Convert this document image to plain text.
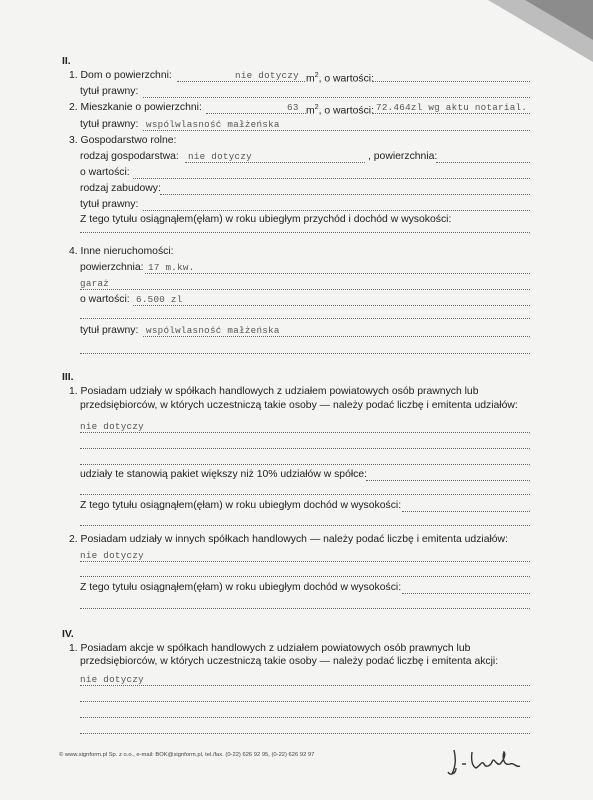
II.
1. Dom o powierzchni:	nie dotyczy $m^2$, o wartości:
tytuł prawny:
2. Mieszkanie o powierzchni:	63 $m^2$, o wartości: 72.464zl wg aktu notarial.
tytuł prawny: wspólwlasność małżeńska
3. Gospodarstwo rolne:
rodzaj gospodarstwa: nie dotyczy	, powierzchnia:
o wartości:
rodzaj zabudowy:
tytuł prawny:
Z tego tytułu osiągnąłem(ęłam) w roku ubiegłym przychód i dochód w wysokości:
4. Inne nieruchomości:
powierzchnia: 17 m.kw.
garaż
o wartości: 6.500 zl
tytuł prawny: wspólwlasność małżeńska
III.
1. Posiadam udziały w spółkach handlowych z udziałem powiatowych osób prawnych lub
przedsiębiorców, w których uczestniczą takie osoby — należy podać liczbę i emitenta udziałów:
nie dotyczy
udziały te stanowią pakiet większy niż 10% udziałów w spółce:
Z tego tytułu osiągnąłem(ęłam) w roku ubiegłym dochód w wysokości:
2. Posiadam udziały w innych spółkach handlowych — należy podać liczbę i emitenta udziałów:
nie dotyczy
Z tego tytułu osiągnąłem(ęłam) w roku ubiegłym dochód w wysokości:
IV.
1. Posiadam akcje w spółkach handlowych z udziałem powiatowych osób prawnych lub
przedsiębiorców, w których uczestniczą takie osoby — należy podać liczbę i emitenta akcji:
nie dotyczy
© www.signform.pl Sp. z o.o., e-mail: BOK@signform.pl, tel./fax. (0-22) 626 92 95, (0-22) 626 92 97
